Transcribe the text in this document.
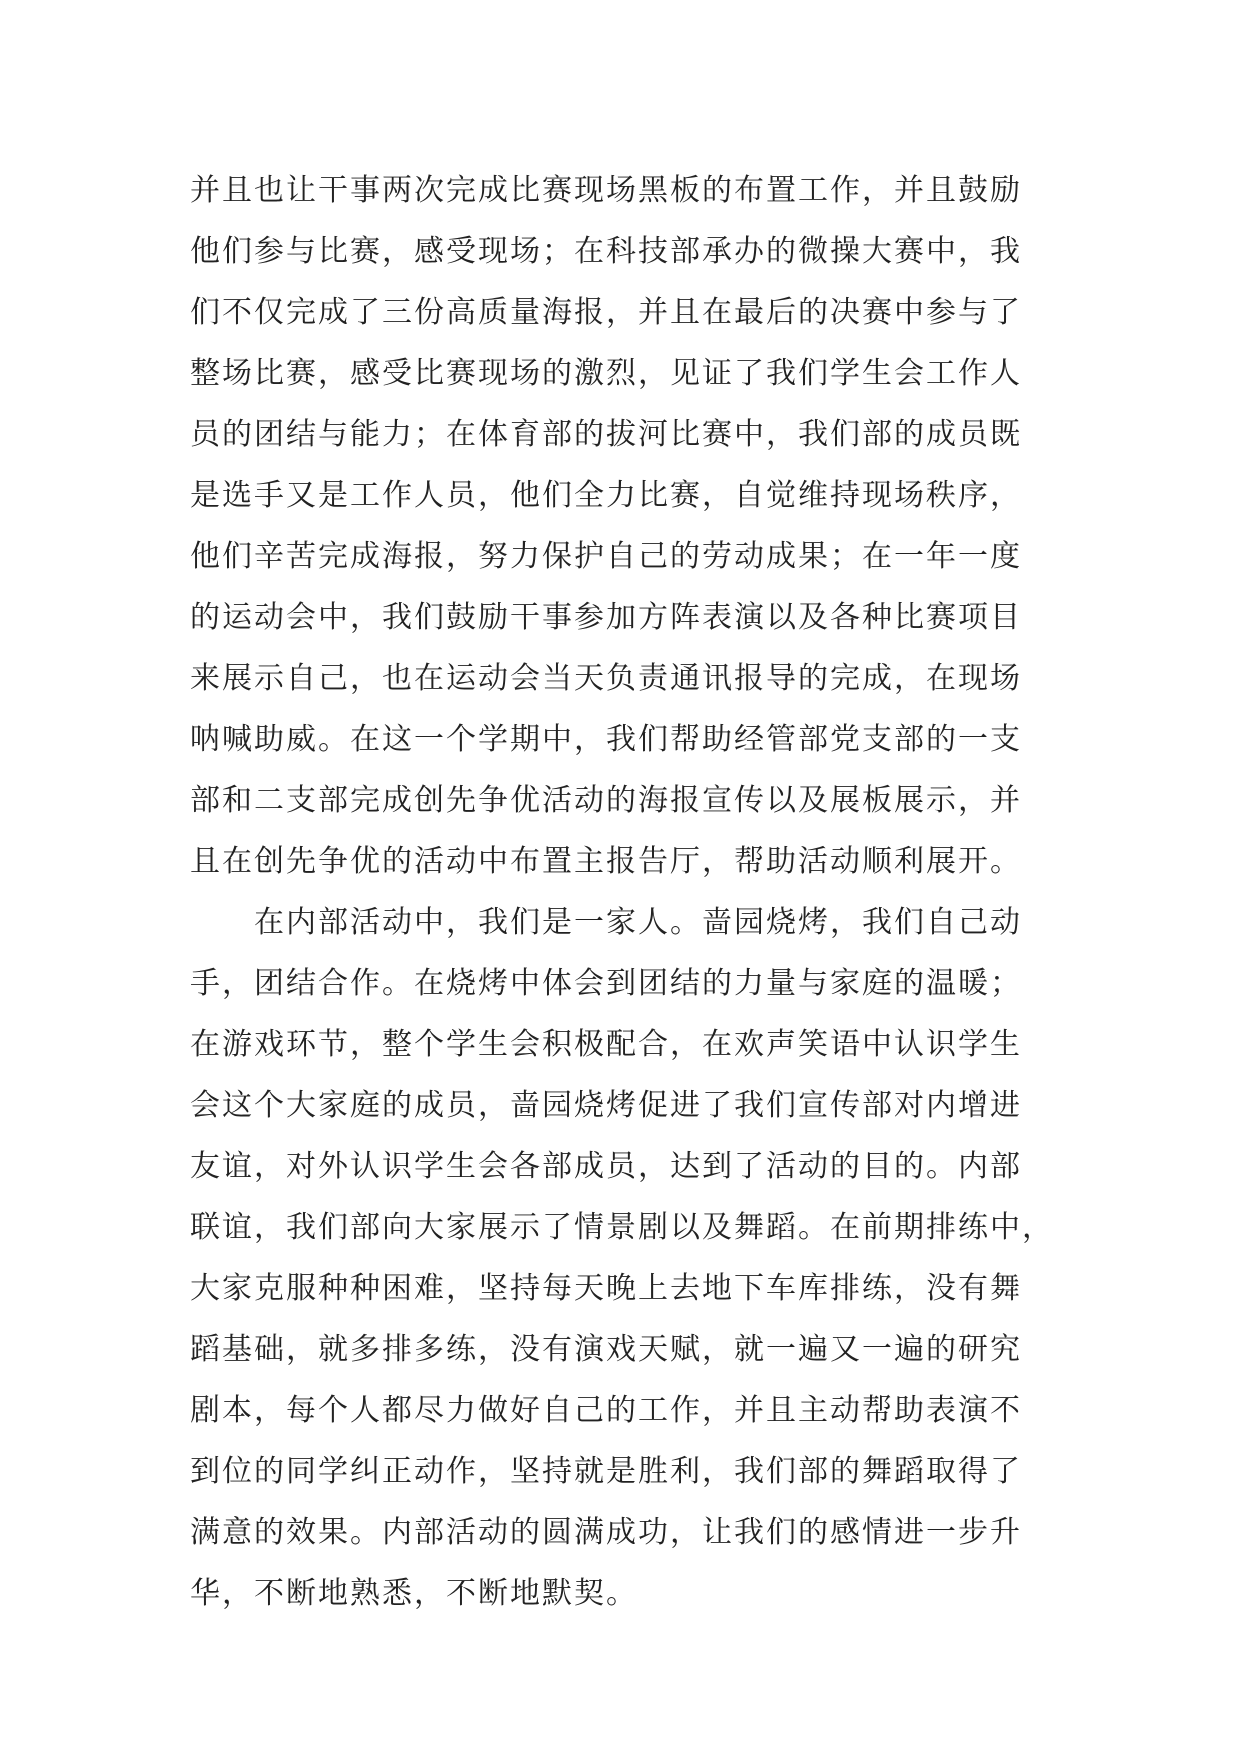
并且也让干事两次完成比赛现场黑板的布置工作，并且鼓励
他们参与比赛，感受现场；在科技部承办的微操大赛中，我
们不仅完成了三份高质量海报，并且在最后的决赛中参与了
整场比赛，感受比赛现场的激烈，见证了我们学生会工作人
员的团结与能力；在体育部的拔河比赛中，我们部的成员既
是选手又是工作人员，他们全力比赛，自觉维持现场秩序，
他们辛苦完成海报，努力保护自己的劳动成果；在一年一度
的运动会中，我们鼓励干事参加方阵表演以及各种比赛项目
来展示自己，也在运动会当天负责通讯报导的完成，在现场
呐喊助威。在这一个学期中，我们帮助经管部党支部的一支
部和二支部完成创先争优活动的海报宣传以及展板展示，并
且在创先争优的活动中布置主报告厅，帮助活动顺利展开。
在内部活动中，我们是一家人。啬园烧烤，我们自己动
手，团结合作。在烧烤中体会到团结的力量与家庭的温暖；
在游戏环节，整个学生会积极配合，在欢声笑语中认识学生
会这个大家庭的成员，啬园烧烤促进了我们宣传部对内增进
友谊，对外认识学生会各部成员，达到了活动的目的。内部
联谊，我们部向大家展示了情景剧以及舞蹈。在前期排练中，
大家克服种种困难，坚持每天晚上去地下车库排练，没有舞
蹈基础，就多排多练，没有演戏天赋，就一遍又一遍的研究
剧本，每个人都尽力做好自己的工作，并且主动帮助表演不
到位的同学纠正动作，坚持就是胜利，我们部的舞蹈取得了
满意的效果。内部活动的圆满成功，让我们的感情进一步升
华，不断地熟悉，不断地默契。
